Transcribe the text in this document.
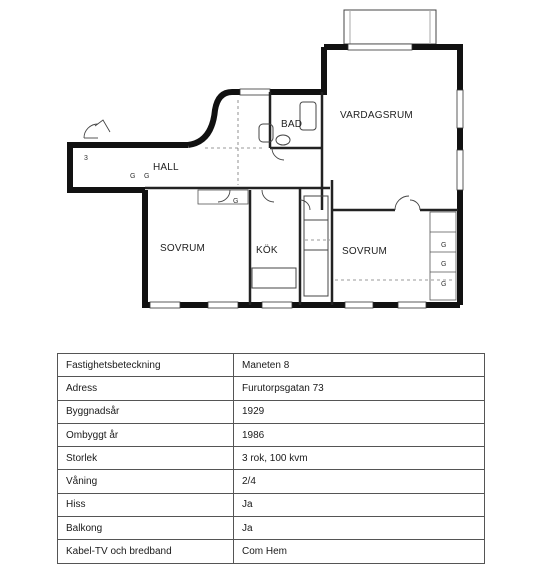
BAD
VARDAGSRUM
HALL
SOVRUM	KÖK	SOVRUM
3
G G
G
G
G
G
Fastighetsbeteckning	Maneten 8
Adress	Furutorpsgatan 73
Byggnadsår	1929
Ombyggt år	1986
Storlek	3 rok, 100 kvm
Våning	2/4
Hiss	Ja
Balkong	Ja
Kabel-TV och bredband	Com Hem
